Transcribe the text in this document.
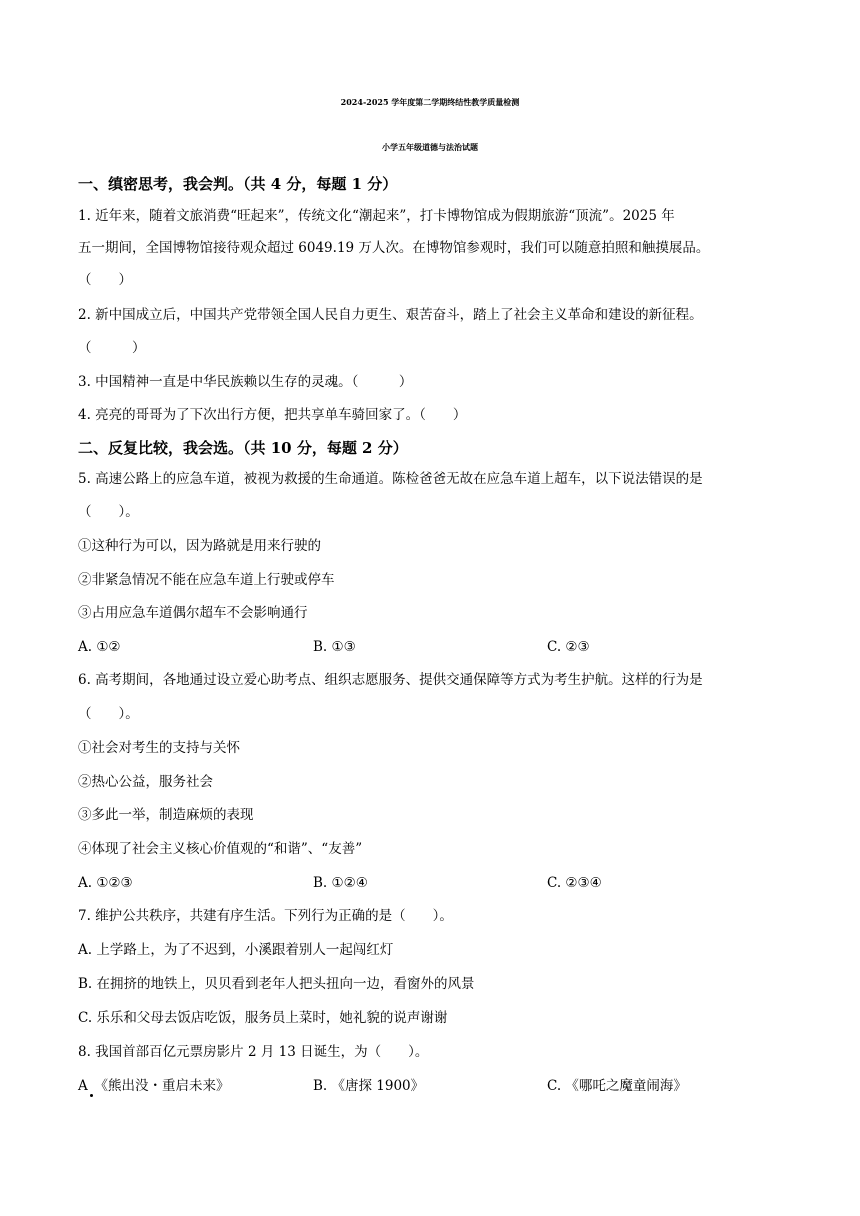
2024-2025 学年度第二学期终结性教学质量检测
小学五年级道德与法治试题
一、缜密思考，我会判。（共 4 分，每题 1 分）
1. 近年来，随着文旅消费“旺起来”，传统文化“潮起来”，打卡博物馆成为假期旅游“顶流”。2025 年
五一期间，全国博物馆接待观众超过 6049.19 万人次。在博物馆参观时，我们可以随意拍照和触摸展品。
（　　）
2. 新中国成立后，中国共产党带领全国人民自力更生、艰苦奋斗，踏上了社会主义革命和建设的新征程。
（　　　）
3. 中国精神一直是中华民族赖以生存的灵魂。（　　　）
4. 亮亮的哥哥为了下次出行方便，把共享单车骑回家了。（　　）
二、反复比较，我会选。（共 10 分，每题 2 分）
5. 高速公路上的应急车道，被视为救援的生命通道。陈检爸爸无故在应急车道上超车，以下说法错误的是
（　　）。
①这种行为可以，因为路就是用来行驶的
②非紧急情况不能在应急车道上行驶或停车
③占用应急车道偶尔超车不会影响通行
A. ①②	B. ①③	C. ②③
6. 高考期间，各地通过设立爱心助考点、组织志愿服务、提供交通保障等方式为考生护航。这样的行为是
（　　）。
①社会对考生的支持与关怀
②热心公益，服务社会
③多此一举，制造麻烦的表现
④体现了社会主义核心价值观的“和谐”、“友善”
A. ①②③	B. ①②④	C. ②③④
7. 维护公共秩序，共建有序生活。下列行为正确的是（　　）。
A. 上学路上，为了不迟到，小溪跟着别人一起闯红灯
B. 在拥挤的地铁上，贝贝看到老年人把头扭向一边，看窗外的风景
C. 乐乐和父母去饭店吃饭，服务员上菜时，她礼貌的说声谢谢
8. 我国首部百亿元票房影片 2 月 13 日诞生，为（　　）。
A　《熊出没・重启未来》	B. 《唐探 1900》	C. 《哪吒之魔童闹海》
